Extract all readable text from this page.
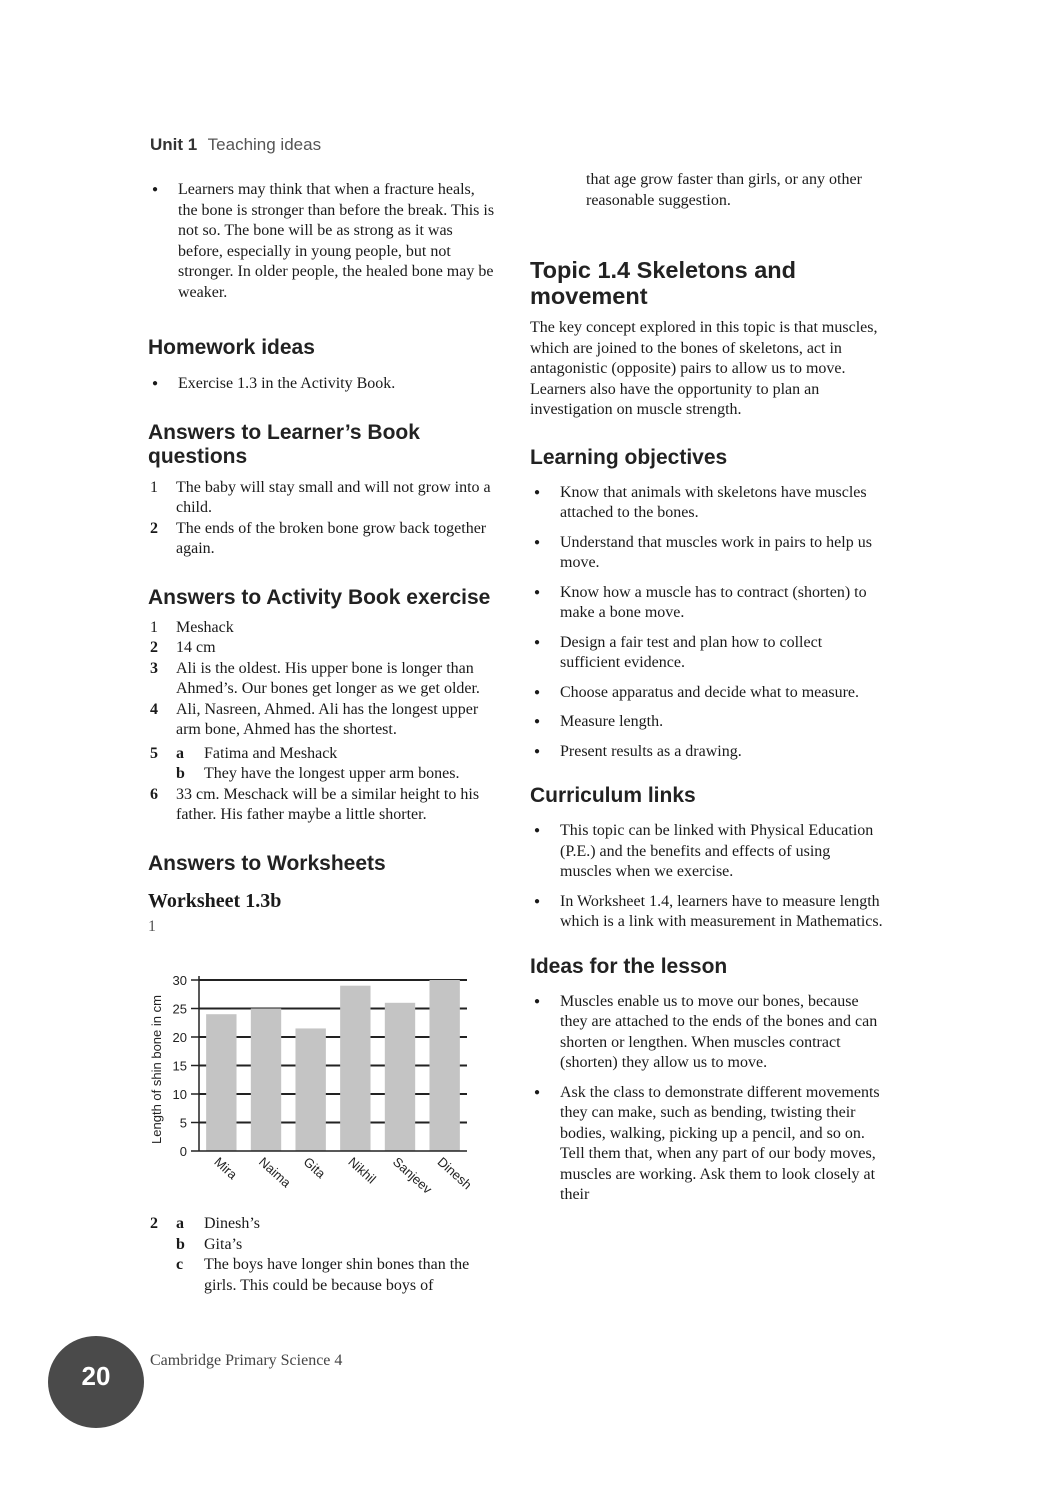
Unit 1 Teaching ideas
● Learners may think that when a fracture heals, the bone is stronger than before the break. This is not so. The bone will be as strong as it was before, especially in young people, but not stronger. In older people, the healed bone may be weaker.
Homework ideas
● Exercise 1.3 in the Activity Book.
Answers to Learner’s Book questions
1 The baby will stay small and will not grow into a child.
2 The ends of the broken bone grow back together again.
Answers to Activity Book exercise
1 Meshack
2 14 cm
3 Ali is the oldest. His upper bone is longer than Ahmed’s. Our bones get longer as we get older.
4 Ali, Nasreen, Ahmed. Ali has the longest upper arm bone, Ahmed has the shortest.
5 a Fatima and Meshack
b They have the longest upper arm bones.
6 33 cm. Meschack will be a similar height to his father. His father maybe a little shorter.
Answers to Worksheets
Worksheet 1.3b
1
0
5
10
15
20
25
30
Mira Naima Gita Nikhil Sanjeev Dinesh
Length of shin bone in cm
2 a Dinesh’s
b Gita’s
c The boys have longer shin bones than the girls. This could be because boys of
that age grow faster than girls, or any other reasonable suggestion.
Topic 1.4 Skeletons and movement
The key concept explored in this topic is that muscles, which are joined to the bones of skeletons, act in antagonistic (opposite) pairs to allow us to move. Learners also have the opportunity to plan an investigation on muscle strength.
Learning objectives
● Know that animals with skeletons have muscles attached to the bones.
● Understand that muscles work in pairs to help us move.
● Know how a muscle has to contract (shorten) to make a bone move.
● Design a fair test and plan how to collect sufficient evidence.
● Choose apparatus and decide what to measure.
● Measure length.
● Present results as a drawing.
Curriculum links
● This topic can be linked with Physical Education (P.E.) and the benefits and effects of using muscles when we exercise.
● In Worksheet 1.4, learners have to measure length which is a link with measurement in Mathematics.
Ideas for the lesson
● Muscles enable us to move our bones, because they are attached to the ends of the bones and can shorten or lengthen. When muscles contract (shorten) they allow us to move.
● Ask the class to demonstrate different movements they can make, such as bending, twisting their bodies, walking, picking up a pencil, and so on. Tell them that, when any part of our body moves, muscles are working. Ask them to look closely at their
20
Cambridge Primary Science 4
